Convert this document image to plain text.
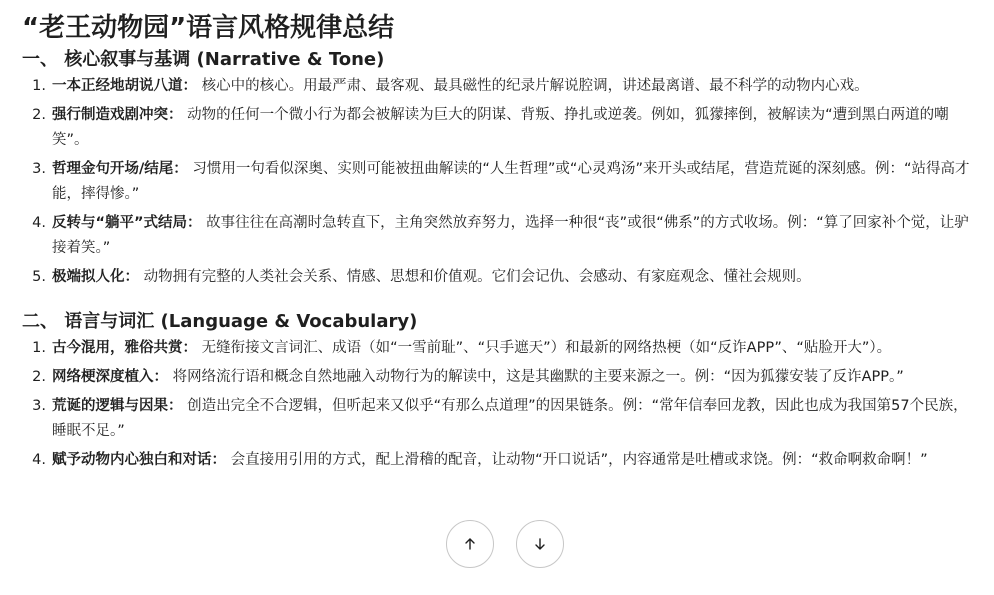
“老王动物园”语言风格规律总结
一、 核心叙事与基调 (Narrative & Tone)
1. 一本正经地胡说八道： 核心中的核心。用最严肃、最客观、最具磁性的纪录片解说腔调，讲述最离谱、最不科学的动物内心戏。
2. 强行制造戏剧冲突： 动物的任何一个微小行为都会被解读为巨大的阴谋、背叛、挣扎或逆袭。例如，狐獴摔倒，被解读为“遭到黑白两道的嘲笑”。
3. 哲理金句开场/结尾： 习惯用一句看似深奥、实则可能被扭曲解读的“人生哲理”或“心灵鸡汤”来开头或结尾，营造荒诞的深刻感。例：“站得高才能，摔得惨。”
4. 反转与“躺平”式结局： 故事往往在高潮时急转直下，主角突然放弃努力，选择一种很“丧”或很“佛系”的方式收场。例：“算了回家补个觉，让驴接着笑。”
5. 极端拟人化： 动物拥有完整的人类社会关系、情感、思想和价值观。它们会记仇、会感动、有家庭观念、懂社会规则。
二、 语言与词汇 (Language & Vocabulary)
1. 古今混用，雅俗共赏： 无缝衔接文言词汇、成语（如“一雪前耻”、“只手遮天”）和最新的网络热梗（如“反诈APP”、“贴脸开大”）。
2. 网络梗深度植入： 将网络流行语和概念自然地融入动物行为的解读中，这是其幽默的主要来源之一。例：“因为狐獴安装了反诈APP。”
3. 荒诞的逻辑与因果： 创造出完全不合逻辑，但听起来又似乎“有那么点道理”的因果链条。例：“常年信奉回龙教，因此也成为我国第57个民族，睡眠不足。”
4. 赋予动物内心独白和对话： 会直接用引用的方式，配上滑稽的配音，让动物“开口说话”，内容通常是吐槽或求饶。例：“救命啊救命啊！”
